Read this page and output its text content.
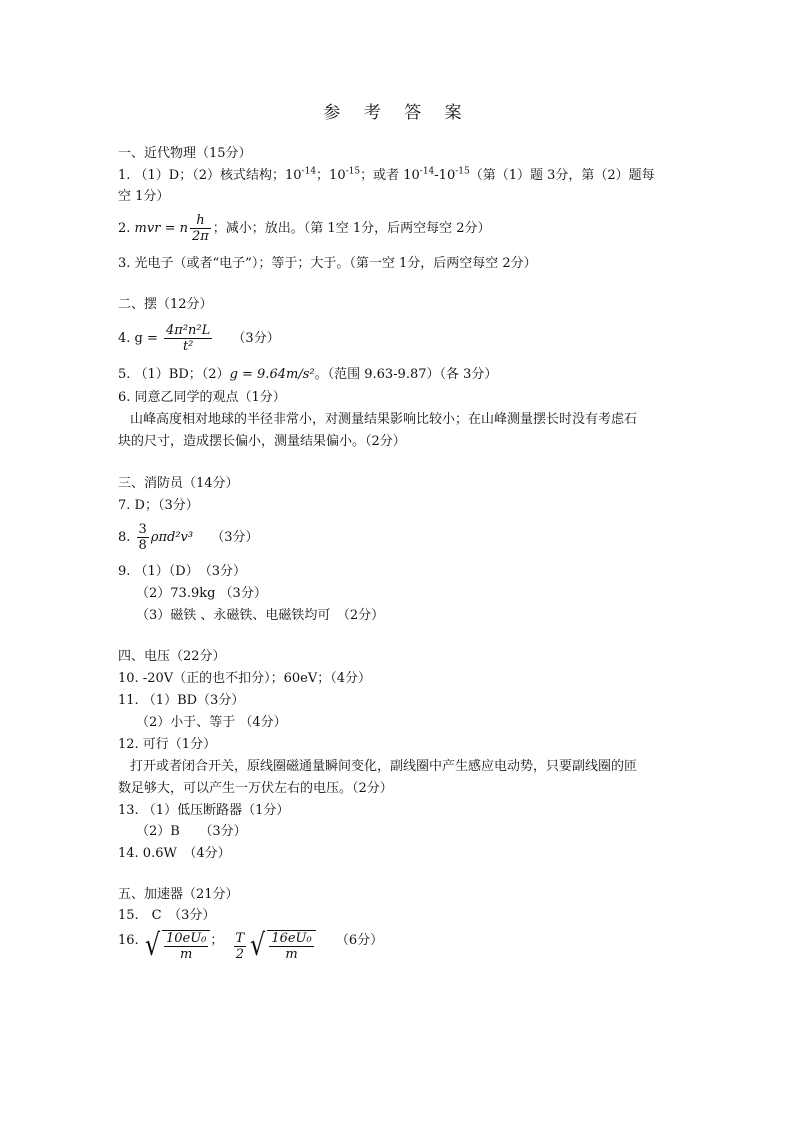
参 考 答 案
一、近代物理（15分）
1. （1）D；（2）核式结构；$10^{-14}$；$10^{-15}$；或者 $10^{-14}-10^{-15}$（第（1）题 3分，第（2）题每
空 1分）
2. mvr = n $\frac{h}{2\pi}$ ；减小；放出。（第 1空 1分，后两空每空 2分）
3. 光电子（或者“电子”）；等于；大于。（第一空 1分，后两空每空 2分）
二、摆（12分）
4. $g = \frac{\text{4π²n²L}}{\text{t²}} (3$分）
5. （1）BD；（2）g = 9.64m/s²。（范围 9.63-9.87）（各 3分）
6. 同意乙同学的观点（1分）
山峰高度相对地球的半径非常小，对测量结果影响比较小；在山峰测量摆长时没有考虑石
块的尺寸，造成摆长偏小，测量结果偏小。（2分）
三、消防员（14分）
7. D；（3分）
8. $\frac{3}{8} \rho\pi d^2v^3$ （3分）
9. （1）（D）　（3分）
（2）73.9kg （3分）
（3）磁铁 、永磁铁、电磁铁均可　（2分）
四、电压（22分）
10. -20V（正的也不扣分）；60eV；（4分）
11. （1）BD（3分）
（2）小于、等于 （4分）
12. 可行（1分）
打开或者闭合开关，原线圈磁通量瞬间变化，副线圈中产生感应电动势，只要副线圈的匝
数足够大，可以产生一万伏左右的电压。（2分）
13. （1）低压断路器（1分）
（2）B　　（3分）
14. 0.6W　（4分）
五、加速器（21分）
15.　C　（3分）
16. √ $\frac{\text{10eU₀}}{m}$ ； $\frac{T}{2}$ √ $\frac{\text{16eU₀}}{m} (6$分）
